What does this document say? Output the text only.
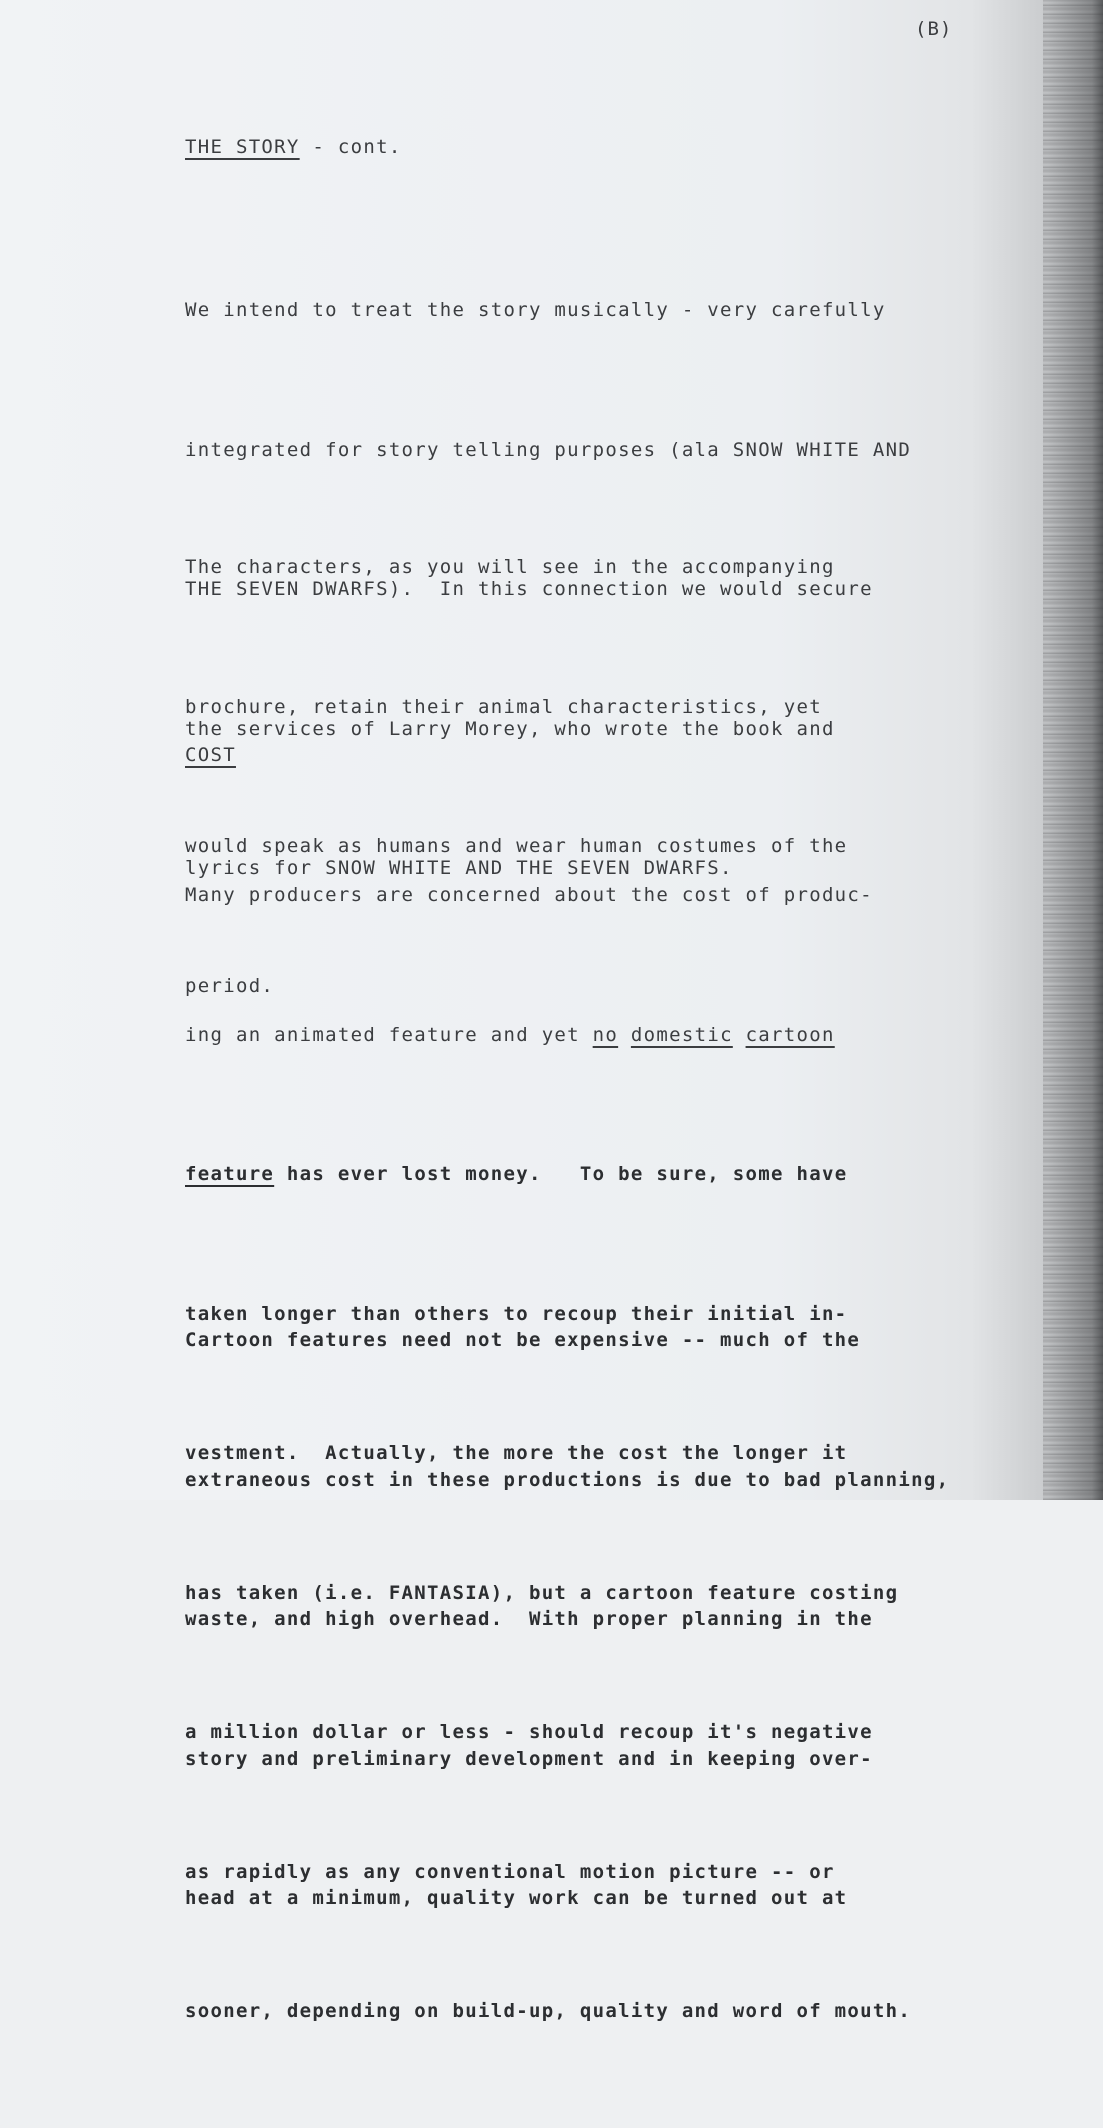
(B)
THE STORY - cont.

We intend to treat the story musically - very carefully

integrated for story telling purposes (ala SNOW WHITE AND

THE SEVEN DWARFS).  In this connection we would secure

the services of Larry Morey, who wrote the book and

lyrics for SNOW WHITE AND THE SEVEN DWARFS.

The characters, as you will see in the accompanying

brochure, retain their animal characteristics, yet

would speak as humans and wear human costumes of the

period.

COST

Many producers are concerned about the cost of produc-

ing an animated feature and yet no domestic cartoon

feature has ever lost money.   To be sure, some have

taken longer than others to recoup their initial in-

vestment.  Actually, the more the cost the longer it

has taken (i.e. FANTASIA), but a cartoon feature costing

a million dollar or less - should recoup it's negative

as rapidly as any conventional motion picture -- or

sooner, depending on build-up, quality and word of mouth.

Cartoon features need not be expensive -- much of the

extraneous cost in these productions is due to bad planning,

waste, and high overhead.  With proper planning in the

story and preliminary development and in keeping over-

head at a minimum, quality work can be turned out at
